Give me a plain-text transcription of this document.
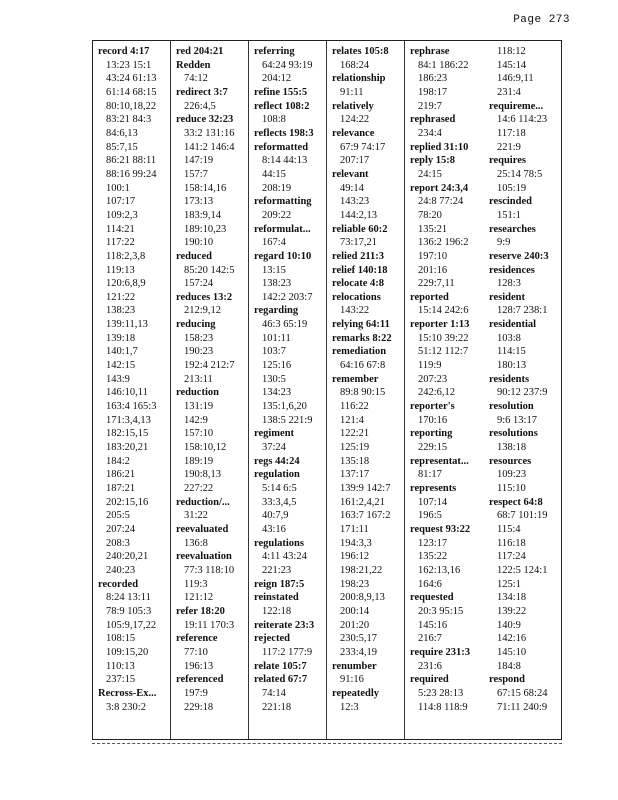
Page 273
record 4:17
13:23 15:1
43:24 61:13
61:14 68:15
80:10,18,22
83:21 84:3
84:6,13
85:7,15
86:21 88:11
88:16 99:24
100:1
107:17
109:2,3
114:21
117:22
118:2,3,8
119:13
120:6,8,9
121:22
138:23
139:11,13
139:18
140:1,7
142:15
143:9
146:10,11
163:4 165:3
171:3,4,13
182:15,15
183:20,21
184:2
186:21
187:21
202:15,16
205:5
207:24
208:3
240:20,21
240:23
recorded
8:24 13:11
78:9 105:3
105:9,17,22
108:15
109:15,20
110:13
237:15
Recross-Ex...
3:8 230:2
red 204:21
Redden
74:12
redirect 3:7
226:4,5
reduce 32:23
33:2 131:16
141:2 146:4
147:19
157:7
158:14,16
173:13
183:9,14
189:10,23
190:10
reduced
85:20 142:5
157:24
reduces 13:2
212:9,12
reducing
158:23
190:23
192:4 212:7
213:11
reduction
131:19
142:9
157:10
158:10,12
189:19
190:8,13
227:22
reduction/...
31:22
reevaluated
136:8
reevaluation
77:3 118:10
119:3
121:12
refer 18:20
19:11 170:3
reference
77:10
196:13
referenced
197:9
229:18
referring
64:24 93:19
204:12
refine 155:5
reflect 108:2
108:8
reflects 198:3
reformatted
8:14 44:13
44:15
208:19
reformatting
209:22
reformulat...
167:4
regard 10:10
13:15
138:23
142:2 203:7
regarding
46:3 65:19
101:11
103:7
125:16
130:5
134:23
135:1,6,20
138:5 221:9
regiment
37:24
regs 44:24
regulation
5:14 6:5
33:3,4,5
40:7,9
43:16
regulations
4:11 43:24
221:23
reign 187:5
reinstated
122:18
reiterate 23:3
rejected
117:2 177:9
relate 105:7
related 67:7
74:14
221:18
relates 105:8
168:24
relationship
91:11
relatively
124:22
relevance
67:9 74:17
207:17
relevant
49:14
143:23
144:2,13
reliable 60:2
73:17,21
relied 211:3
relief 140:18
relocate 4:8
relocations
143:22
relying 64:11
remarks 8:22
remediation
64:16 67:8
remember
89:8 90:15
116:22
121:4
122:21
125:19
135:18
137:17
139:9 142:7
161:2,4,21
163:7 167:2
171:11
194:3,3
196:12
198:21,22
198:23
200:8,9,13
200:14
201:20
230:5,17
233:4,19
renumber
91:16
repeatedly
12:3
rephrase
84:1 186:22
186:23
198:17
219:7
rephrased
234:4
replied 31:10
reply 15:8
24:15
report 24:3,4
24:8 77:24
78:20
135:21
136:2 196:2
197:10
201:16
229:7,11
reported
15:14 242:6
reporter 1:13
15:10 39:22
51:12 112:7
119:9
207:23
242:6,12
reporter's
170:16
reporting
229:15
representat...
81:17
represents
107:14
196:5
request 93:22
123:17
135:22
162:13,16
164:6
requested
20:3 95:15
145:16
216:7
require 231:3
231:6
required
5:23 28:13
114:8 118:9
118:12
145:14
146:9,11
231:4
requireme...
14:6 114:23
117:18
221:9
requires
25:14 78:5
105:19
rescinded
151:1
researches
9:9
reserve 240:3
residences
128:3
resident
128:7 238:1
residential
103:8
114:15
180:13
residents
90:12 237:9
resolution
9:6 13:17
resolutions
138:18
resources
109:23
115:10
respect 64:8
68:7 101:19
115:4
116:18
117:24
122:5 124:1
125:1
134:18
139:22
140:9
142:16
145:10
184:8
respond
67:15 68:24
71:11 240:9
